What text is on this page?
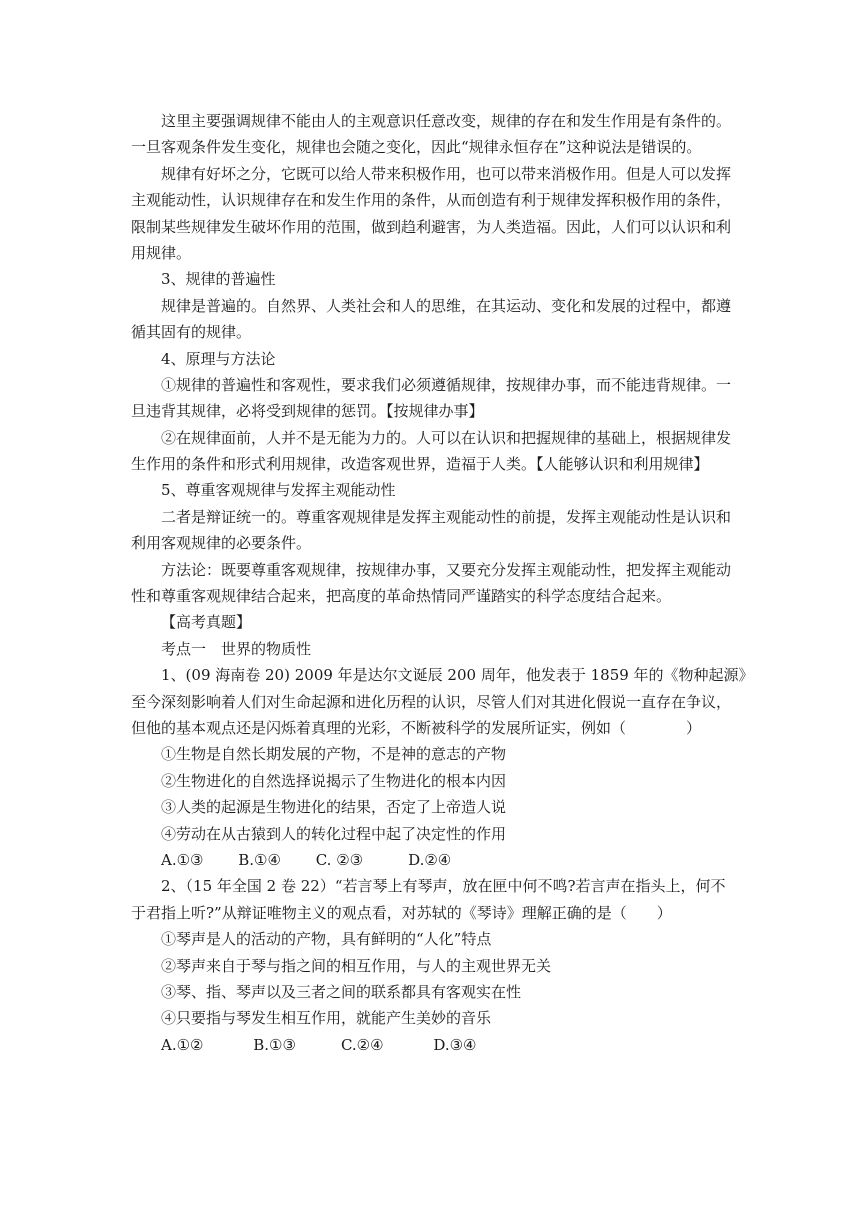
这里主要强调规律不能由人的主观意识任意改变，规律的存在和发生作用是有条件的。
一旦客观条件发生变化，规律也会随之变化，因此“规律永恒存在”这种说法是错误的。
规律有好坏之分，它既可以给人带来积极作用，也可以带来消极作用。但是人可以发挥
主观能动性，认识规律存在和发生作用的条件，从而创造有利于规律发挥积极作用的条件，
限制某些规律发生破坏作用的范围，做到趋利避害，为人类造福。因此，人们可以认识和利
用规律。
3、规律的普遍性
规律是普遍的。自然界、人类社会和人的思维，在其运动、变化和发展的过程中，都遵
循其固有的规律。
4、原理与方法论
①规律的普遍性和客观性，要求我们必须遵循规律，按规律办事，而不能违背规律。一
旦违背其规律，必将受到规律的惩罚。【按规律办事】
②在规律面前，人并不是无能为力的。人可以在认识和把握规律的基础上，根据规律发
生作用的条件和形式利用规律，改造客观世界，造福于人类。【人能够认识和利用规律】
5、尊重客观规律与发挥主观能动性
二者是辩证统一的。尊重客观规律是发挥主观能动性的前提，发挥主观能动性是认识和
利用客观规律的必要条件。
方法论：既要尊重客观规律，按规律办事，又要充分发挥主观能动性，把发挥主观能动
性和尊重客观规律结合起来，把高度的革命热情同严谨踏实的科学态度结合起来。
【高考真题】
考点一　世界的物质性
1、(09 海南卷 20) 2009 年是达尔文诞辰 200 周年，他发表于 1859 年的《物种起源》
至今深刻影响着人们对生命起源和进化历程的认识，尽管人们对其进化假说一直存在争议，
但他的基本观点还是闪烁着真理的光彩，不断被科学的发展所证实，例如（　　　　）
①生物是自然长期发展的产物，不是神的意志的产物
②生物进化的自然选择说揭示了生物进化的根本内因
③人类的起源是生物进化的结果，否定了上帝造人说
④劳动在从古猿到人的转化过程中起了决定性的作用
A.①③　　 B.①④　　 C. ②③　　　D.②④
2、（15 年全国 2 卷 22）“若言琴上有琴声，放在匣中何不鸣?若言声在指头上，何不
于君指上听?”从辩证唯物主义的观点看，对苏轼的《琴诗》理解正确的是（　　）
①琴声是人的活动的产物，具有鲜明的“人化”特点
②琴声来自于琴与指之间的相互作用，与人的主观世界无关
③琴、指、琴声以及三者之间的联系都具有客观实在性
④只要指与琴发生相互作用，就能产生美妙的音乐
A.①②　　　 B.①③　　　C.②④　　　 D.③④
